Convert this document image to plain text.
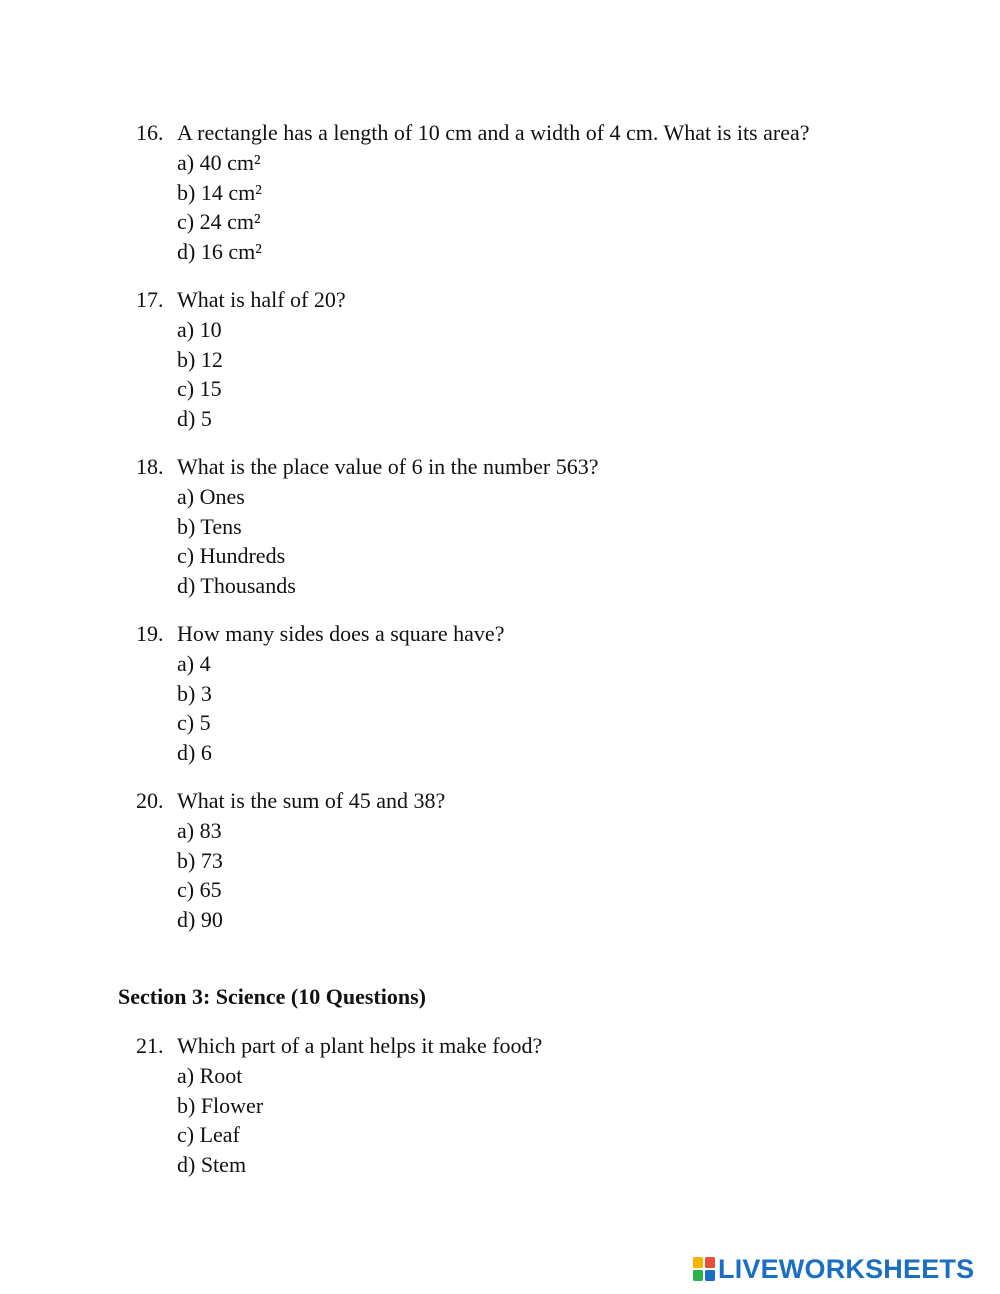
16. A rectangle has a length of 10 cm and a width of 4 cm. What is its area?
a) 40 cm²
b) 14 cm²
c) 24 cm²
d) 16 cm²
17. What is half of 20?
a) 10
b) 12
c) 15
d) 5
18. What is the place value of 6 in the number 563?
a) Ones
b) Tens
c) Hundreds
d) Thousands
19. How many sides does a square have?
a) 4
b) 3
c) 5
d) 6
20. What is the sum of 45 and 38?
a) 83
b) 73
c) 65
d) 90
Section 3: Science (10 Questions)
21. Which part of a plant helps it make food?
a) Root
b) Flower
c) Leaf
d) Stem
LIVEWORKSHEETS
